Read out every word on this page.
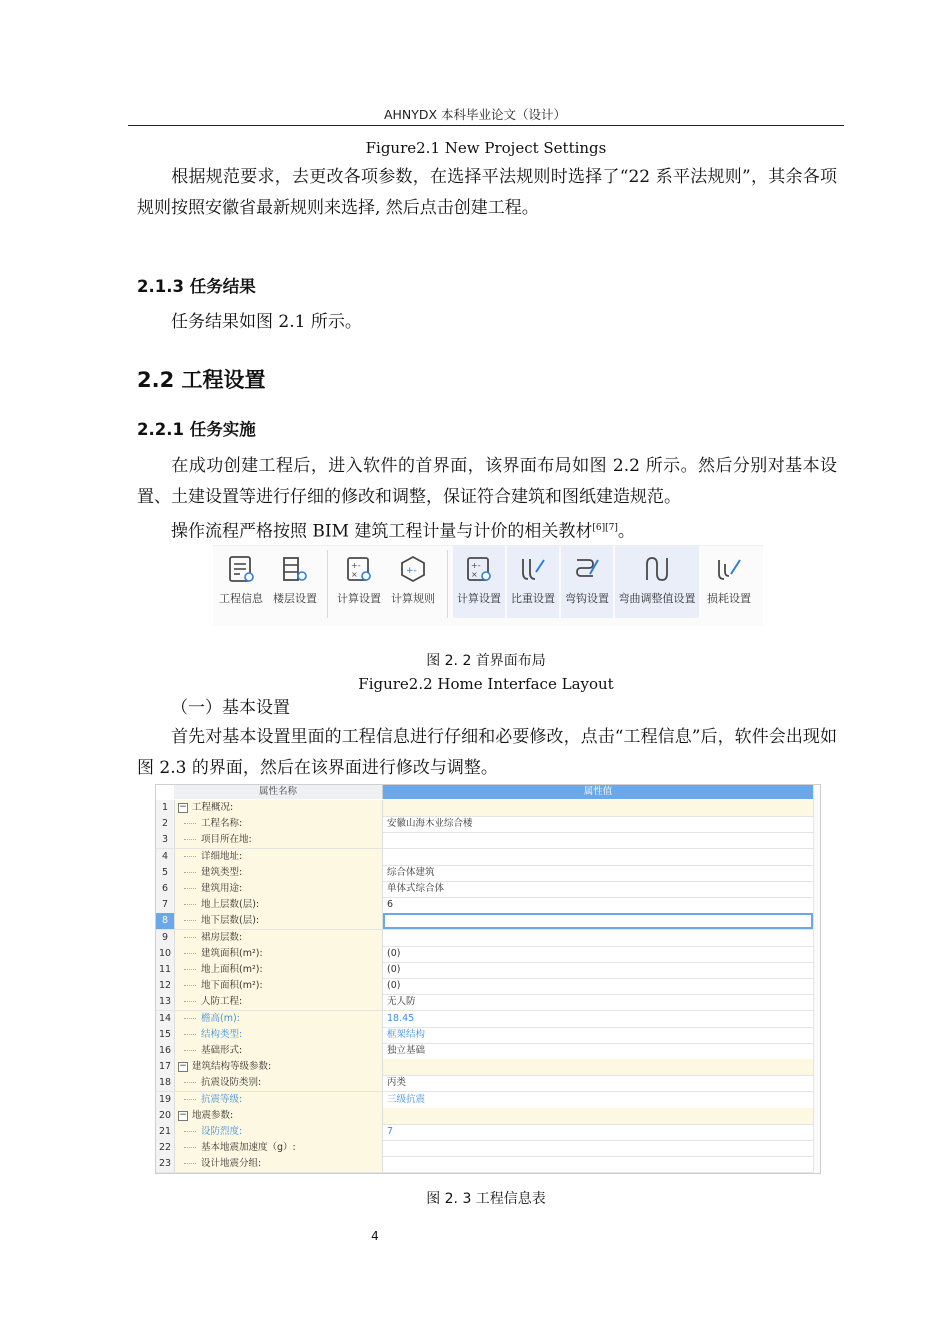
AHNYDX 本科毕业论文（设计）
Figure2.1 New Project Settings
根据规范要求，去更改各项参数，在选择平法规则时选择了“22 系平法规则”，其余各项规则按照安徽省最新规则来选择, 然后点击创建工程。
2.1.3 任务结果
任务结果如图 2.1 所示。
2.2 工程设置
2.2.1 任务实施
在成功创建工程后，进入软件的首界面，该界面布局如图 2.2 所示。然后分别对基本设置、土建设置等进行仔细的修改和调整，保证符合建筑和图纸建造规范。
操作流程严格按照 BIM 建筑工程计量与计价的相关教材[6][7]。
工程信息 楼层设置
+-
×
计算设置
+-
计算规则
+-
×
计算设置 比重设置 弯钩设置 弯曲调整值设置	损耗设置
图 2. 2 首界面布局
Figure2.2 Home Interface Layout
（一）基本设置
首先对基本设置里面的工程信息进行仔细和必要修改，点击“工程信息”后，软件会出现如图 2.3 的界面，然后在该界面进行修改与调整。
属性名称	属性值
1	− 工程概况:
2	工程名称:	安徽山海木业综合楼
3	项目所在地:
4	详细地址:
5	建筑类型:	综合体建筑
6	建筑用途:	单体式综合体
7	地上层数(层):	6
8	地下层数(层):
9	裙房层数:
10	建筑面积(m²):	(0)
11	地上面积(m²):	(0)
12	地下面积(m²):	(0)
13	人防工程:	无人防
14	檐高(m):	18.45
15	结构类型:	框架结构
16	基础形式:	独立基础
17 − 建筑结构等级参数:
18	抗震设防类别:	丙类
19	抗震等级:	三级抗震
20 − 地震参数:
21	设防烈度:	7
22	基本地震加速度（g）:
23	设计地震分组:
图 2. 3 工程信息表
4
